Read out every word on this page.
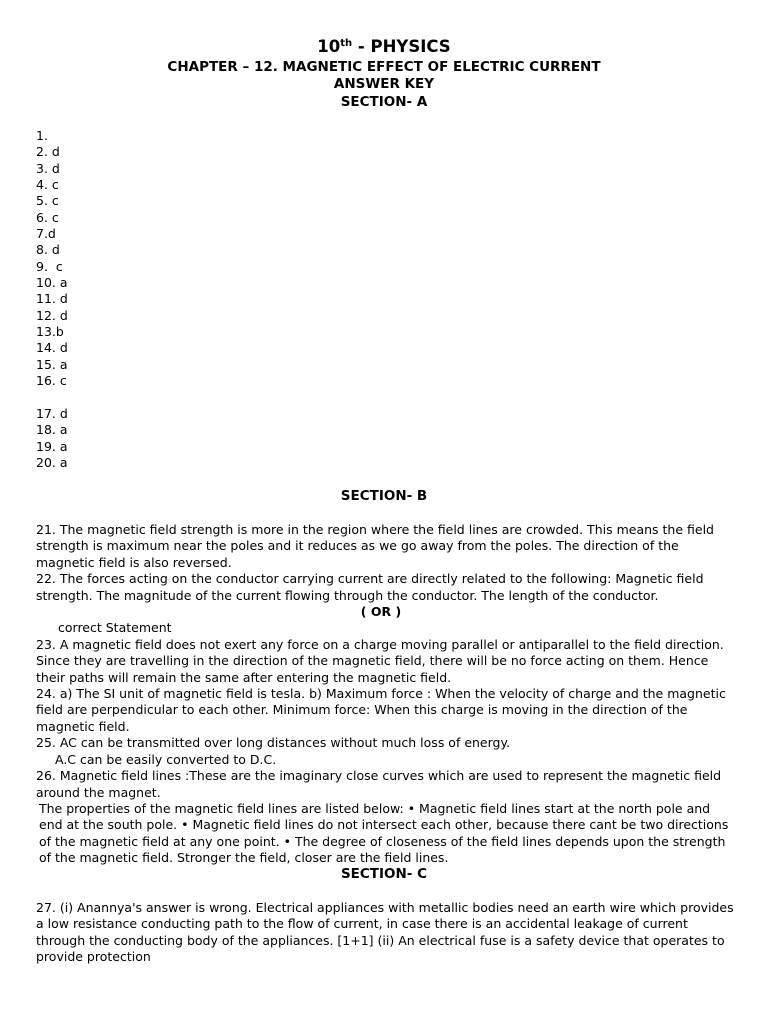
10th - PHYSICS
CHAPTER – 12. MAGNETIC EFFECT OF ELECTRIC CURRENT
ANSWER KEY
SECTION- A
1.
2. d
3. d
4. c
5. c
6. c
7.d
8. d
9.  c
10. a
11. d
12. d
13.b
14. d
15. a
16. c
17. d
18. a
19. a
20. a
SECTION- B

21. The magnetic field strength is more in the region where the field lines are crowded. This means the field strength is maximum near the poles and it reduces as we go away from the poles. The direction of the magnetic field is also reversed.

22. The forces acting on the conductor carrying current are directly related to the following: Magnetic field strength. The magnitude of the current flowing through the conductor. The length of the conductor.

( OR )

correct Statement

23. A magnetic field does not exert any force on a charge moving parallel or antiparallel to the field direction. Since they are travelling in the direction of the magnetic field, there will be no force acting on them. Hence their paths will remain the same after entering the magnetic field.

24. a) The SI unit of magnetic field is tesla. b) Maximum force : When the velocity of charge and the magnetic field are perpendicular to each other. Minimum force: When this charge is moving in the direction of the magnetic field.

25. AC can be transmitted over long distances without much loss of energy.

A.C can be easily converted to D.C.

26. Magnetic field lines :These are the imaginary close curves which are used to represent the magnetic field around the magnet.

The properties of the magnetic field lines are listed below: • Magnetic field lines start at the north pole and end at the south pole. • Magnetic field lines do not intersect each other, because there cant be two directions of the magnetic field at any one point. • The degree of closeness of the field lines depends upon the strength of the magnetic field. Stronger the field, closer are the field lines.

SECTION- C

27. (i) Anannya's answer is wrong. Electrical appliances with metallic bodies need an earth wire which provides a low resistance conducting path to the flow of current, in case there is an accidental leakage of current through the conducting body of the appliances. [1+1] (ii) An electrical fuse is a safety device that operates to provide protection
